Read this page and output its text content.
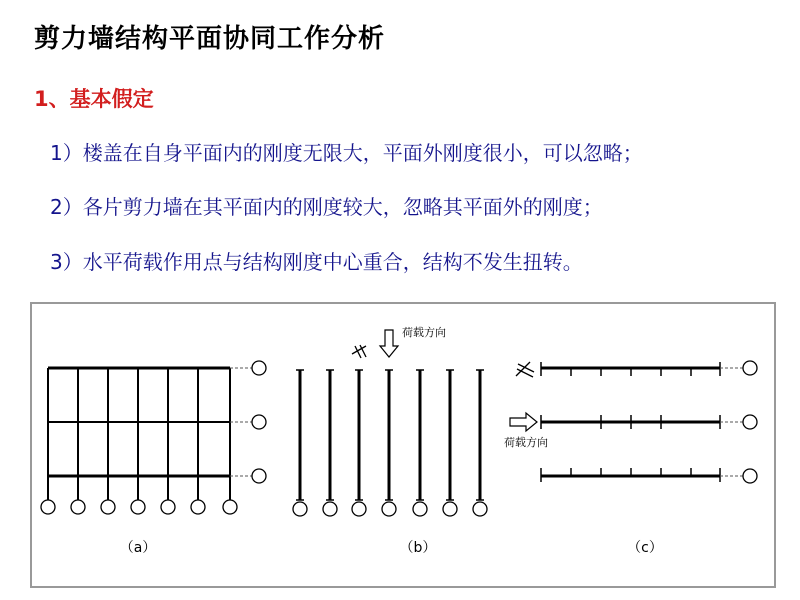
剪力墙结构平面协同工作分析
1、基本假定
1）楼盖在自身平面内的刚度无限大，平面外刚度很小，可以忽略；
2）各片剪力墙在其平面内的刚度较大，忽略其平面外的刚度；
3）水平荷载作用点与结构刚度中心重合，结构不发生扭转。
（a）
荷载方向
（b）
荷载方向
（c）
